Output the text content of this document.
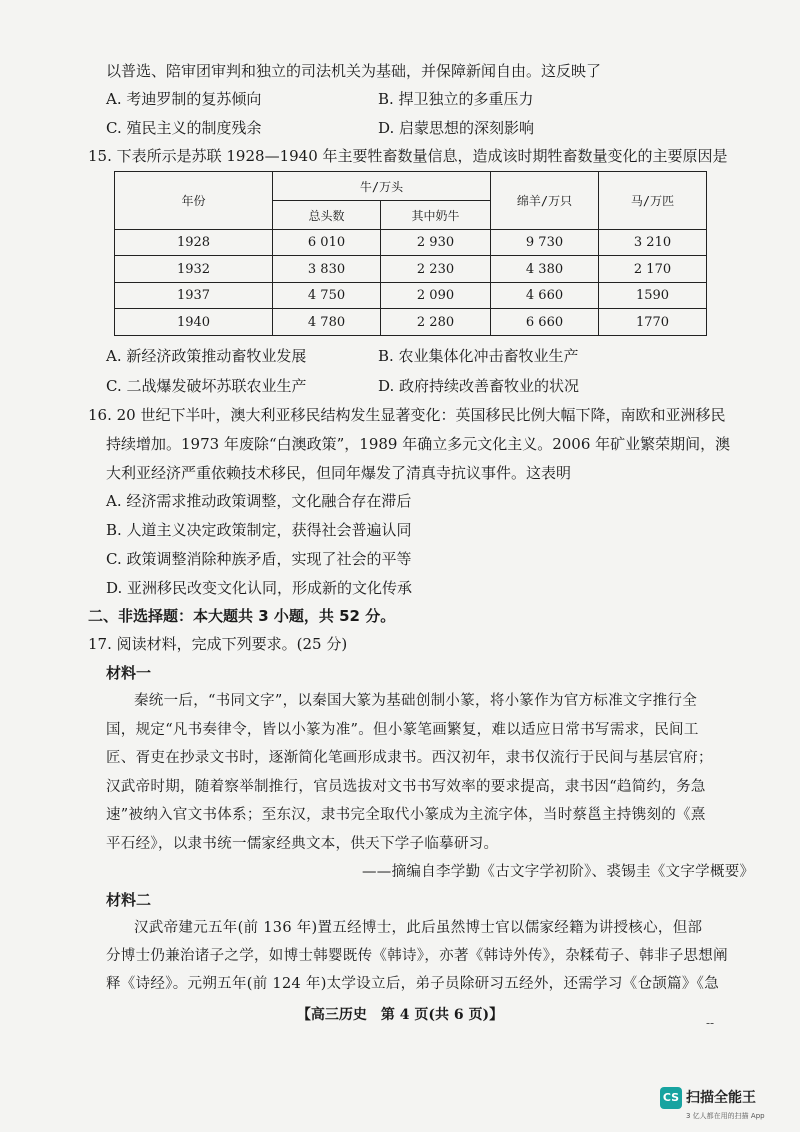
以普选、陪审团审判和独立的司法机关为基础，并保障新闻自由。这反映了
A. 考迪罗制的复苏倾向	B. 捍卫独立的多重压力
C. 殖民主义的制度残余	D. 启蒙思想的深刻影响
15. 下表所示是苏联 1928—1940 年主要牲畜数量信息，造成该时期牲畜数量变化的主要原因是
年份	牛/万头		绵羊/万只	马/万匹
	总头数	其中奶牛		
1928	6 010	2 930	9 730	3 210
1932	3 830	2 230	4 380	2 170
1937	4 750	2 090	4 660	1590
1940	4 780	2 280	6 660	1770
A. 新经济政策推动畜牧业发展	B. 农业集体化冲击畜牧业生产
C. 二战爆发破坏苏联农业生产	D. 政府持续改善畜牧业的状况
16. 20 世纪下半叶，澳大利亚移民结构发生显著变化：英国移民比例大幅下降，南欧和亚洲移民
持续增加。1973 年废除“白澳政策”，1989 年确立多元文化主义。2006 年矿业繁荣期间，澳
大利亚经济严重依赖技术移民，但同年爆发了清真寺抗议事件。这表明
A. 经济需求推动政策调整，文化融合存在滞后
B. 人道主义决定政策制定，获得社会普遍认同
C. 政策调整消除种族矛盾，实现了社会的平等
D. 亚洲移民改变文化认同，形成新的文化传承
二、非选择题：本大题共 3 小题，共 52 分。
17. 阅读材料，完成下列要求。(25 分)
材料一
秦统一后，“书同文字”，以秦国大篆为基础创制小篆，将小篆作为官方标准文字推行全
国，规定“凡书奏律令，皆以小篆为准”。但小篆笔画繁复，难以适应日常书写需求，民间工
匠、胥吏在抄录文书时，逐渐简化笔画形成隶书。西汉初年，隶书仅流行于民间与基层官府；
汉武帝时期，随着察举制推行，官员选拔对文书书写效率的要求提高，隶书因“趋简约，务急
速”被纳入官文书体系；至东汉，隶书完全取代小篆成为主流字体，当时蔡邕主持镌刻的《熹
平石经》，以隶书统一儒家经典文本，供天下学子临摹研习。
——摘编自李学勤《古文字学初阶》、裘锡圭《文字学概要》
材料二
汉武帝建元五年(前 136 年)置五经博士，此后虽然博士官以儒家经籍为讲授核心，但部
分博士仍兼治诸子之学，如博士韩婴既传《韩诗》，亦著《韩诗外传》，杂糅荀子、韩非子思想阐
释《诗经》。元朔五年(前 124 年)太学设立后，弟子员除研习五经外，还需学习《仓颉篇》《急
【高三历史　第 4 页(共 6 页)】	--
CS 扫描全能王
3 亿人都在用的扫描 App
